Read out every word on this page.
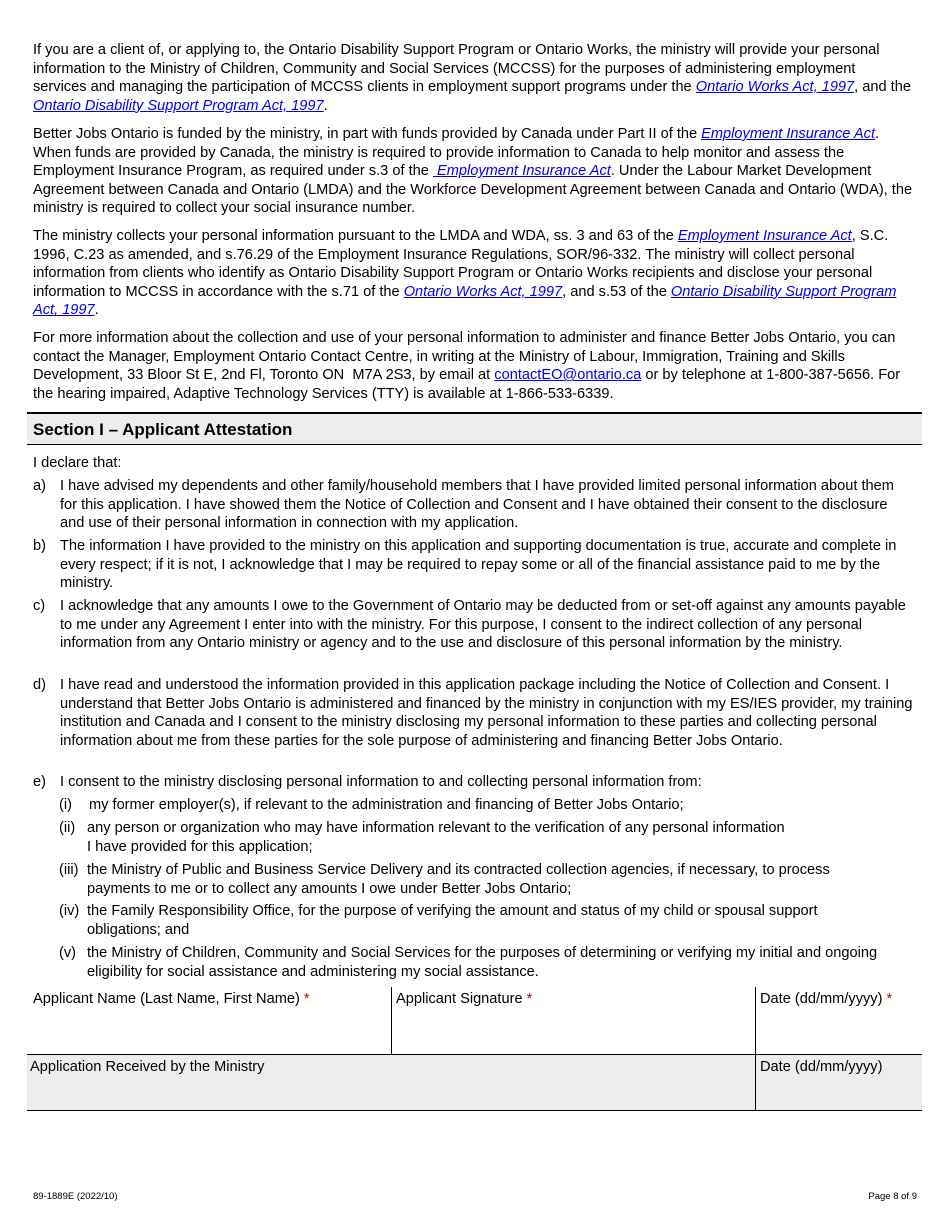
If you are a client of, or applying to, the Ontario Disability Support Program or Ontario Works, the ministry will provide your personal information to the Ministry of Children, Community and Social Services (MCCSS) for the purposes of administering employment services and managing the participation of MCCSS clients in employment support programs under the Ontario Works Act, 1997, and the Ontario Disability Support Program Act, 1997.

Better Jobs Ontario is funded by the ministry, in part with funds provided by Canada under Part II of the Employment Insurance Act. When funds are provided by Canada, the ministry is required to provide information to Canada to help monitor and assess the Employment Insurance Program, as required under s.3 of the  Employment Insurance Act. Under the Labour Market Development Agreement between Canada and Ontario (LMDA) and the Workforce Development Agreement between Canada and Ontario (WDA), the ministry is required to collect your social insurance number.

The ministry collects your personal information pursuant to the LMDA and WDA, ss. 3 and 63 of the Employment Insurance Act, S.C. 1996, C.23 as amended, and s.76.29 of the Employment Insurance Regulations, SOR/96-332. The ministry will collect personal information from clients who identify as Ontario Disability Support Program or Ontario Works recipients and disclose your personal information to MCCSS in accordance with the s.71 of the Ontario Works Act, 1997, and s.53 of the Ontario Disability Support Program Act, 1997.

For more information about the collection and use of your personal information to administer and finance Better Jobs Ontario, you can contact the Manager, Employment Ontario Contact Centre, in writing at the Ministry of Labour, Immigration, Training and Skills Development, 33 Bloor St E, 2nd Fl, Toronto ON  M7A 2S3, by email at contactEO@ontario.ca or by telephone at 1-800-387-5656. For the hearing impaired, Adaptive Technology Services (TTY) is available at 1-866-533-6339.

Section I – Applicant Attestation
I declare that:
a) I have advised my dependents and other family/household members that I have provided limited personal information about them for this application. I have showed them the Notice of Collection and Consent and I have obtained their consent to the disclosure and use of their personal information in connection with my application.
b) The information I have provided to the ministry on this application and supporting documentation is true, accurate and complete in every respect; if it is not, I acknowledge that I may be required to repay some or all of the financial assistance paid to me by the ministry.
c) I acknowledge that any amounts I owe to the Government of Ontario may be deducted from or set-off against any amounts payable to me under any Agreement I enter into with the ministry. For this purpose, I consent to the indirect collection of any personal information from any Ontario ministry or agency and to the use and disclosure of this personal information by the ministry.
d) I have read and understood the information provided in this application package including the Notice of Collection and Consent. I understand that Better Jobs Ontario is administered and financed by the ministry in conjunction with my ES/IES provider, my training institution and Canada and I consent to the ministry disclosing my personal information to these parties and collecting personal information about me from these parties for the sole purpose of administering and financing Better Jobs Ontario.
e) I consent to the ministry disclosing personal information to and collecting personal information from:
(i) my former employer(s), if relevant to the administration and financing of Better Jobs Ontario;
(ii) any person or organization who may have information relevant to the verification of any personal information
I have provided for this application;
(iii) the Ministry of Public and Business Service Delivery and its contracted collection agencies, if necessary, to process payments to me or to collect any amounts I owe under Better Jobs Ontario;
(iv) the Family Responsibility Office, for the purpose of verifying the amount and status of my child or spousal support obligations; and
(v) the Ministry of Children, Community and Social Services for the purposes of determining or verifying my initial and ongoing eligibility for social assistance and administering my social assistance.
Applicant Name (Last Name, First Name) *	Applicant Signature *	Date (dd/mm/yyyy) *
Application Received by the Ministry	Date (dd/mm/yyyy)
89-1889E (2022/10)	Page 8 of 9
